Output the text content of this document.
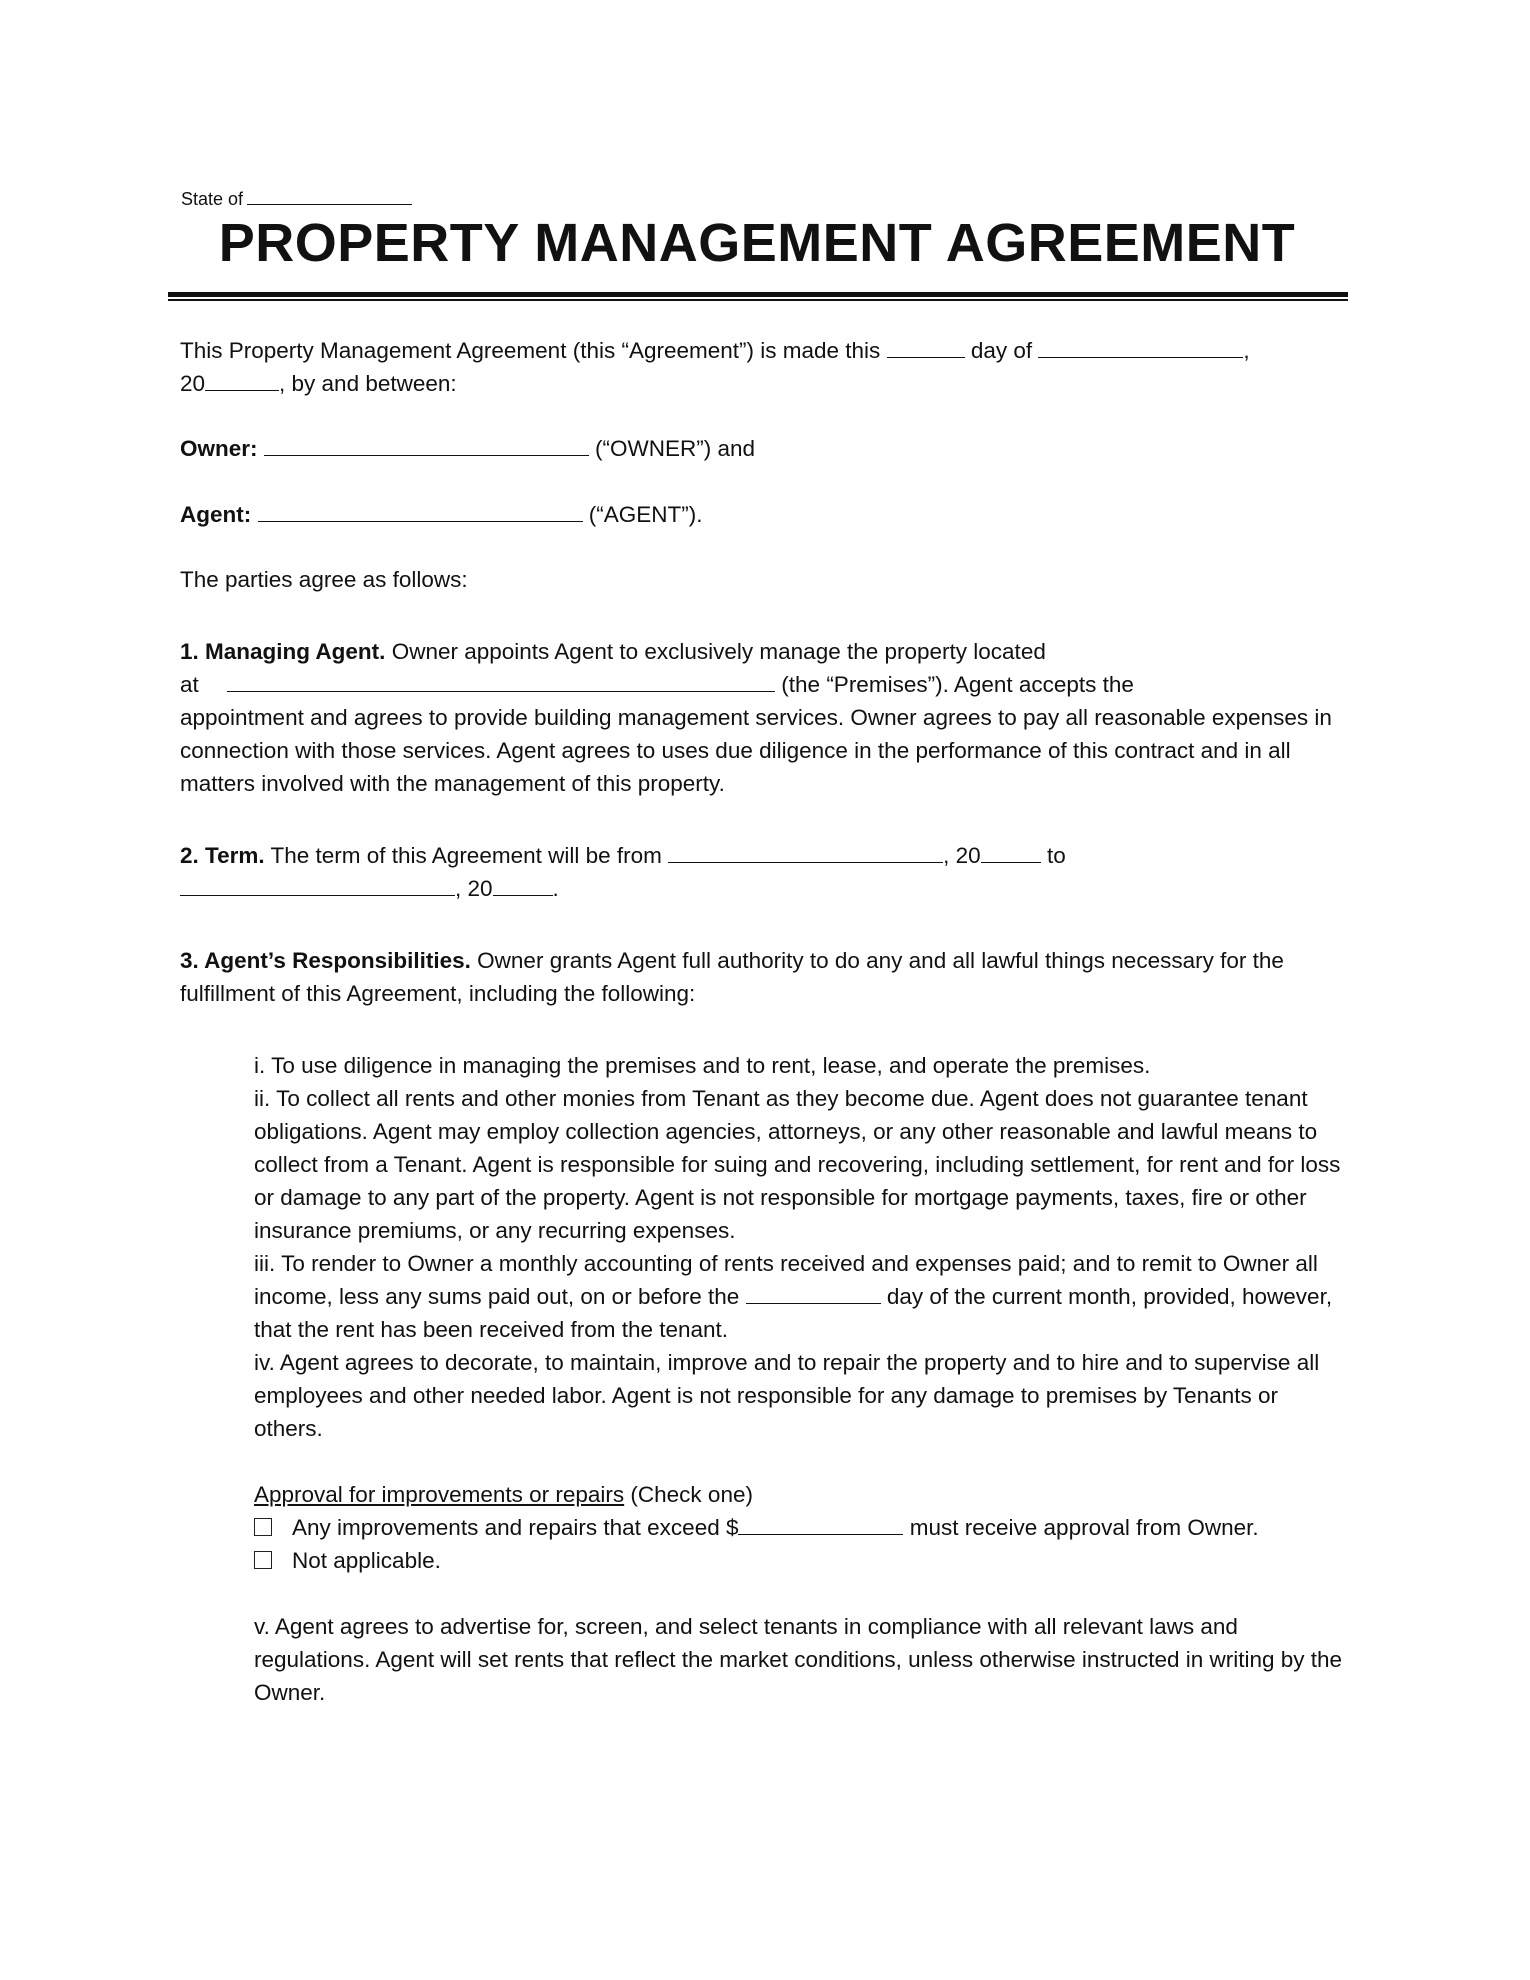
State of
PROPERTY MANAGEMENT AGREEMENT

This Property Management Agreement (this “Agreement”) is made this	day of	,
20	, by and between:

Owner:	(“OWNER”) and

Agent:	(“AGENT”).

The parties agree as follows:

1. Managing Agent. Owner appoints Agent to exclusively manage the property located
at	(the “Premises”). Agent accepts the
appointment and agrees to provide building management services. Owner agrees to pay all reasonable expenses in connection with those services. Agent agrees to uses due diligence in the performance of this contract and in all matters involved with the management of this property.

2. Term. The term of this Agreement will be from	, 20	to
, 20	.

3. Agent’s Responsibilities. Owner grants Agent full authority to do any and all lawful things necessary for the fulfillment of this Agreement, including the following:

i. To use diligence in managing the premises and to rent, lease, and operate the premises.

ii. To collect all rents and other monies from Tenant as they become due. Agent does not guarantee tenant obligations. Agent may employ collection agencies, attorneys, or any other reasonable and lawful means to collect from a Tenant. Agent is responsible for suing and recovering, including settlement, for rent and for loss or damage to any part of the property. Agent is not responsible for mortgage payments, taxes, fire or other insurance premiums, or any recurring expenses.

iii. To render to Owner a monthly accounting of rents received and expenses paid; and to remit to Owner all income, less any sums paid out, on or before the	day of the current month, provided, however, that the rent has been received from the tenant.

iv. Agent agrees to decorate, to maintain, improve and to repair the property and to hire and to supervise all employees and other needed labor. Agent is not responsible for any damage to premises by Tenants or others.

Approval for improvements or repairs (Check one)

Any improvements and repairs that exceed $	must receive approval from Owner.

Not applicable.

v. Agent agrees to advertise for, screen, and select tenants in compliance with all relevant laws and regulations. Agent will set rents that reflect the market conditions, unless otherwise instructed in writing by the Owner.
